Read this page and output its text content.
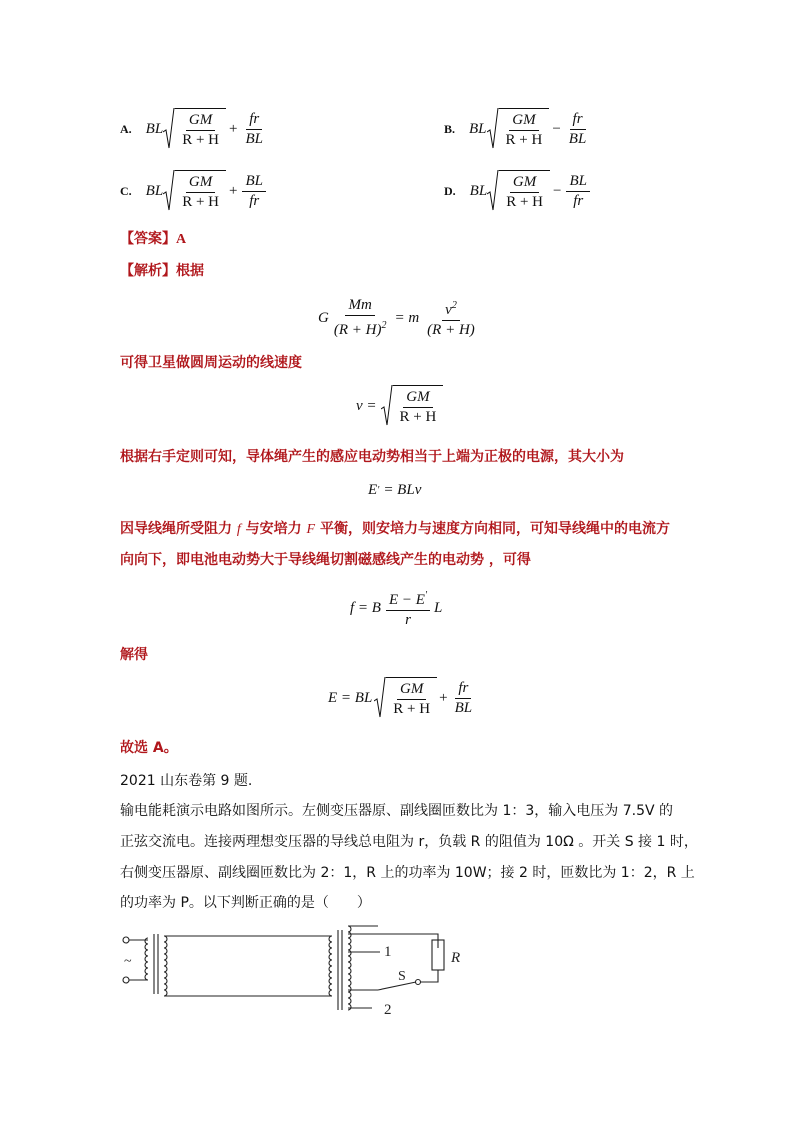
A. BL $\frac{GM}{R + H} + \frac{fr}{BL}$	B. BL $\frac{GM}{R + H} - \frac{fr}{BL}$
C. BL $\frac{GM}{R + H} + \frac{BL}{fr}$	D. BL $\frac{GM}{R + H} - \frac{BL}{fr}$
【答案】A
【解析】根据
G $\frac{Mm}{(R + H)^2} = m \frac{v^2}{(R + H)}$
可得卫星做圆周运动的线速度
$v = \frac{GM}{R + H}$
根据右手定则可知，导体绳产生的感应电动势相当于上端为正极的电源，其大小为
E ' = BLv
因导线绳所受阻力 f 与安培力 F 平衡，则安培力与速度方向相同，可知导线绳中的电流方
向向下，即电池电动势大于导线绳切割磁感线产生的电动势 ，可得
f = B $\frac{E - E'}{r}$ L
解得
E = BL $\frac{GM}{R + H} + \frac{fr}{BL}$
故选 A。
2021 山东卷第 9 题.
输电能耗演示电路如图所示。左侧变压器原、副线圈匝数比为 1：3，输入电压为 7.5V 的
正弦交流电。连接两理想变压器的导线总电阻为 r，负载 R 的阻值为 10Ω 。开关 S 接 1 时，
右侧变压器原、副线圈匝数比为 2：1，R 上的功率为 10W；接 2 时，匝数比为 1：2，R 上
的功率为 P。以下判断正确的是（　　）
~
1
2
S
R
